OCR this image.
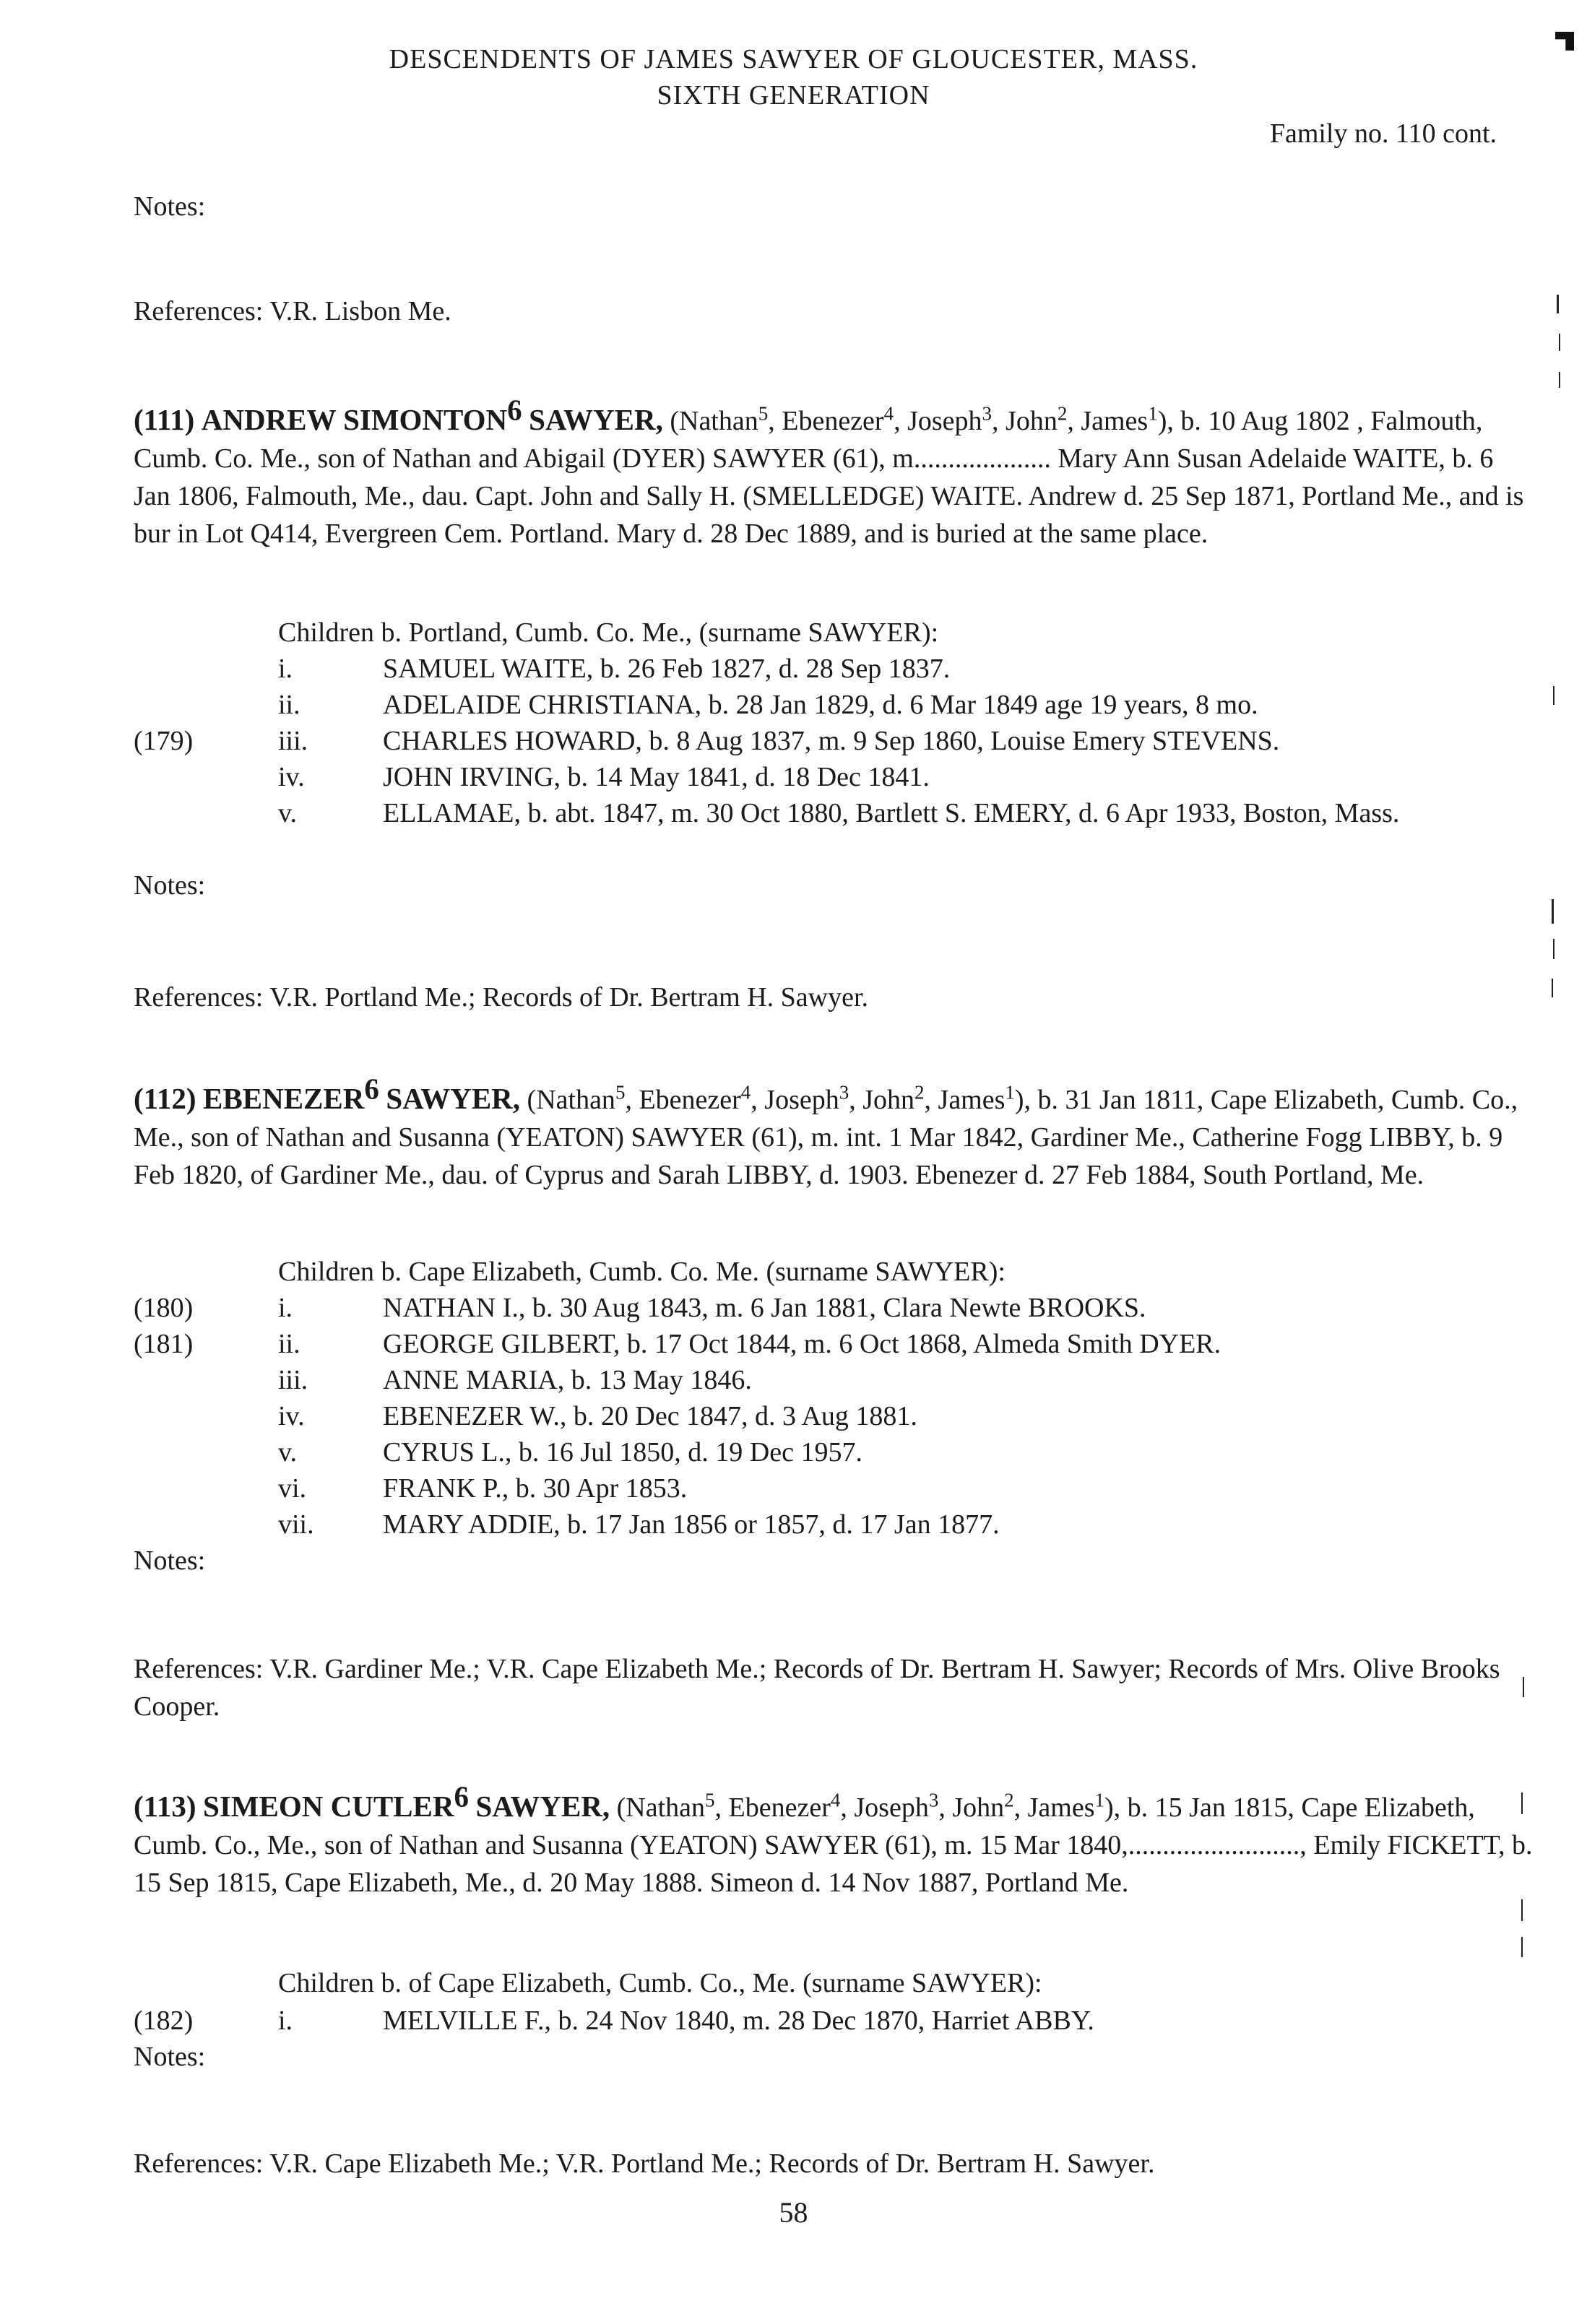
DESCENDENTS OF JAMES SAWYER OF GLOUCESTER, MASS.
SIXTH GENERATION
Family no. 110 cont.
Notes:
References: V.R. Lisbon Me.
(111) ANDREW SIMONTON$^6$ SAWYER, (Nathan$^5$, Ebenezer$^4$, Joseph$^3$, John$^2$, James$^1$), b. 10 Aug 1802 , Falmouth, Cumb. Co. Me., son of Nathan and Abigail (DYER) SAWYER (61), m.................... Mary Ann Susan Adelaide WAITE, b. 6 Jan 1806, Falmouth, Me., dau. Capt. John and Sally H. (SMELLEDGE) WAITE. Andrew d. 25 Sep 1871, Portland Me., and is bur in Lot Q414, Evergreen Cem. Portland. Mary d. 28 Dec 1889, and is buried at the same place.
Children b. Portland, Cumb. Co. Me., (surname SAWYER):
i.	SAMUEL WAITE, b. 26 Feb 1827, d. 28 Sep 1837.
ii.	ADELAIDE CHRISTIANA, b. 28 Jan 1829, d. 6 Mar 1849 age 19 years, 8 mo.
(179)	iii.	CHARLES HOWARD, b. 8 Aug 1837, m. 9 Sep 1860, Louise Emery STEVENS.
iv.	JOHN IRVING, b. 14 May 1841, d. 18 Dec 1841.
v.	ELLAMAE, b. abt. 1847, m. 30 Oct 1880, Bartlett S. EMERY, d. 6 Apr 1933, Boston, Mass.
Notes:
References: V.R. Portland Me.; Records of Dr. Bertram H. Sawyer.
(112) EBENEZER$^6$ SAWYER, (Nathan$^5$, Ebenezer$^4$, Joseph$^3$, John$^2$, James$^1$), b. 31 Jan 1811, Cape Elizabeth, Cumb. Co., Me., son of Nathan and Susanna (YEATON) SAWYER (61), m. int. 1 Mar 1842, Gardiner Me., Catherine Fogg LIBBY, b. 9 Feb 1820, of Gardiner Me., dau. of Cyprus and Sarah LIBBY, d. 1903. Ebenezer d. 27 Feb 1884, South Portland, Me.
Children b. Cape Elizabeth, Cumb. Co. Me. (surname SAWYER):
(180)	i.	NATHAN I., b. 30 Aug 1843, m. 6 Jan 1881, Clara Newte BROOKS.
(181)	ii.	GEORGE GILBERT, b. 17 Oct 1844, m. 6 Oct 1868, Almeda Smith DYER.
iii.	ANNE MARIA, b. 13 May 1846.
iv.	EBENEZER W., b. 20 Dec 1847, d. 3 Aug 1881.
v.	CYRUS L., b. 16 Jul 1850, d. 19 Dec 1957.
vi.	FRANK P., b. 30 Apr 1853.
vii.	MARY ADDIE, b. 17 Jan 1856 or 1857, d. 17 Jan 1877.
Notes:
References: V.R. Gardiner Me.; V.R. Cape Elizabeth Me.; Records of Dr. Bertram H. Sawyer; Records of Mrs. Olive Brooks Cooper.
(113) SIMEON CUTLER$^6$ SAWYER, (Nathan$^5$, Ebenezer$^4$, Joseph$^3$, John$^2$, James$^1$), b. 15 Jan 1815, Cape Elizabeth, Cumb. Co., Me., son of Nathan and Susanna (YEATON) SAWYER (61), m. 15 Mar 1840,........................., Emily FICKETT, b. 15 Sep 1815, Cape Elizabeth, Me., d. 20 May 1888. Simeon d. 14 Nov 1887, Portland Me.
Children b. of Cape Elizabeth, Cumb. Co., Me. (surname SAWYER):
(182)	i.	MELVILLE F., b. 24 Nov 1840, m. 28 Dec 1870, Harriet ABBY.
Notes:
References: V.R. Cape Elizabeth Me.; V.R. Portland Me.; Records of Dr. Bertram H. Sawyer.
58
